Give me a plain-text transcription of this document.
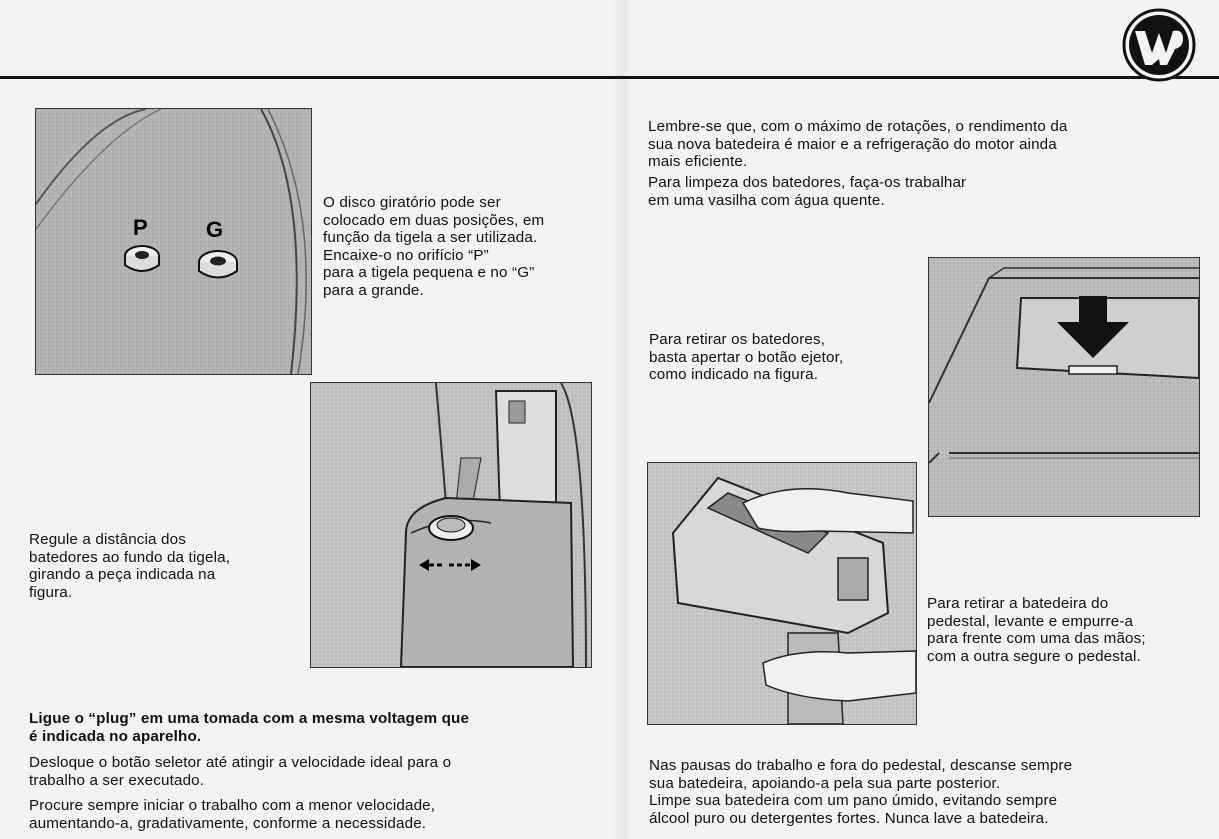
P	G
O disco giratório pode ser
colocado em duas posições, em
função da tigela a ser utilizada.
Encaixe-o no orifício “P”
para a tigela pequena e no “G”
para a grande.
Regule a distância dos
batedores ao fundo da tigela,
girando a peça indicada na
figura.
Ligue o “plug” em uma tomada com a mesma voltagem que
é indicada no aparelho.
Desloque o botão seletor até atingir a velocidade ideal para o
trabalho a ser executado.
Procure sempre iniciar o trabalho com a menor velocidade,
aumentando-a, gradativamente, conforme a necessidade.
Lembre-se que, com o máximo de rotações, o rendimento da
sua nova batedeira é maior e a refrigeração do motor ainda
mais eficiente.
Para limpeza dos batedores, faça-os trabalhar
em uma vasilha com água quente.
Para retirar os batedores,
basta apertar o botão ejetor,
como indicado na figura.
Para retirar a batedeira do
pedestal, levante e empurre-a
para frente com uma das mãos;
com a outra segure o pedestal.
Nas pausas do trabalho e fora do pedestal, descanse sempre
sua batedeira, apoiando-a pela sua parte posterior.
Limpe sua batedeira com um pano úmido, evitando sempre
álcool puro ou detergentes fortes. Nunca lave a batedeira.
